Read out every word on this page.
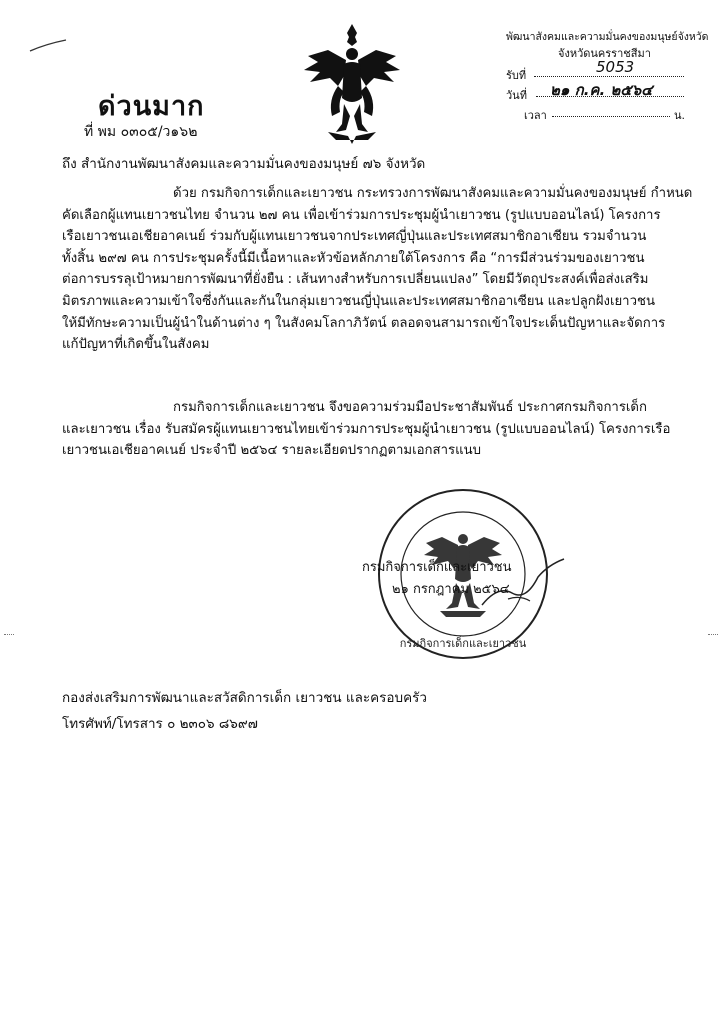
พัฒนาสังคมและความมั่นคงของมนุษย์จังหวัด
จังหวัดนครราชสีมา
รับที่	5053
วันที่ ๒๑ ก.ค. ๒๕๖๔
เวลา	น.
ด่วนมาก
ที่ พม ๐๓๐๕/ว๑๖๒
ถึง สำนักงานพัฒนาสังคมและความมั่นคงของมนุษย์ ๗๖ จังหวัด
ด้วย กรมกิจการเด็กและเยาวชน กระทรวงการพัฒนาสังคมและความมั่นคงของมนุษย์ กำหนด
คัดเลือกผู้แทนเยาวชนไทย จำนวน ๒๗ คน เพื่อเข้าร่วมการประชุมผู้นำเยาวชน (รูปแบบออนไลน์) โครงการ
เรือเยาวชนเอเชียอาคเนย์ ร่วมกับผู้แทนเยาวชนจากประเทศญี่ปุ่นและประเทศสมาชิกอาเซียน รวมจำนวน
ทั้งสิ้น ๒๙๗ คน การประชุมครั้งนี้มีเนื้อหาและหัวข้อหลักภายใต้โครงการ คือ “การมีส่วนร่วมของเยาวชน
ต่อการบรรลุเป้าหมายการพัฒนาที่ยั่งยืน : เส้นทางสำหรับการเปลี่ยนแปลง” โดยมีวัตถุประสงค์เพื่อส่งเสริม
มิตรภาพและความเข้าใจซึ่งกันและกันในกลุ่มเยาวชนญี่ปุ่นและประเทศสมาชิกอาเซียน และปลูกฝังเยาวชน
ให้มีทักษะความเป็นผู้นำในด้านต่าง ๆ ในสังคมโลกาภิวัตน์ ตลอดจนสามารถเข้าใจประเด็นปัญหาและจัดการ
แก้ปัญหาที่เกิดขึ้นในสังคม
กรมกิจการเด็กและเยาวชน จึงขอความร่วมมือประชาสัมพันธ์ ประกาศกรมกิจการเด็ก
และเยาวชน เรื่อง รับสมัครผู้แทนเยาวชนไทยเข้าร่วมการประชุมผู้นำเยาวชน (รูปแบบออนไลน์) โครงการเรือ
เยาวชนเอเชียอาคเนย์ ประจำปี ๒๕๖๔ รายละเอียดปรากฏตามเอกสารแนบ
กรมกิจการเด็กและเยาวชน
กรมกิจการเด็กและเยาวชน
๒๑ กรกฎาคม ๒๕๖๔
กองส่งเสริมการพัฒนาและสวัสดิการเด็ก เยาวชน และครอบครัว
โทรศัพท์/โทรสาร ๐ ๒๓๐๖ ๘๖๙๗
